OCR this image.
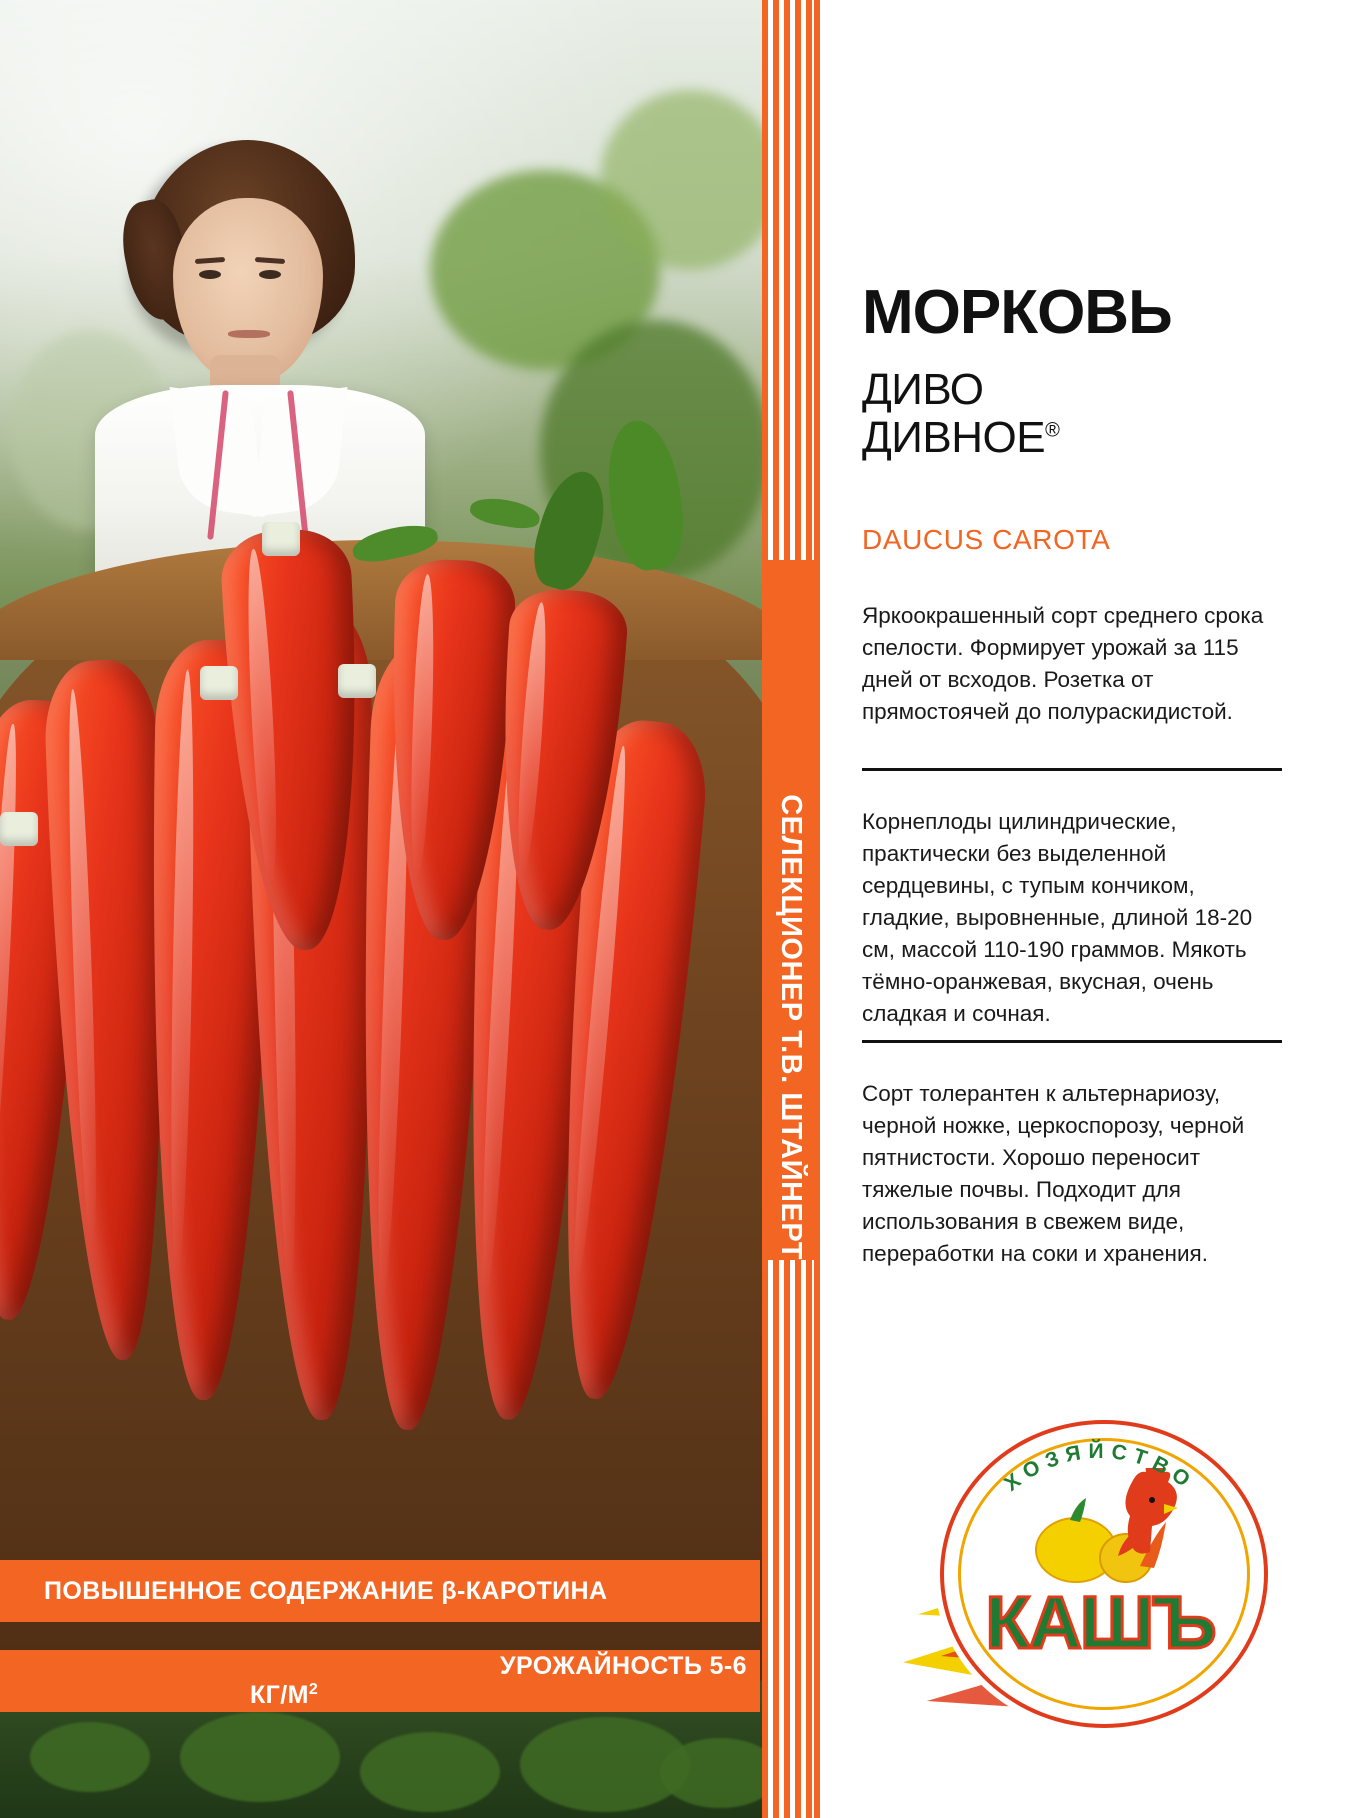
СЕЛЕКЦИОНЕР Т.В. ШТАЙНЕРТ
МОРКОВЬ
ДИВО
ДИВНОЕ®
DAUCUS CAROTA
Яркоокрашенный сорт среднего срока спелости. Формирует урожай за 115 дней от всходов. Розетка от прямостоячей до полураскидистой.
Корнеплоды цилиндрические, практически без выделенной сердцевины, с тупым кончиком, гладкие, выровненные, длиной 18-20 см, массой 110-190 граммов. Мякоть тёмно-оранжевая, вкусная, очень сладкая и сочная.
Сорт толерантен к альтернариозу, черной ножке, церкоспорозу, черной пятнистости. Хорошо переносит тяжелые почвы. Подходит для использования в свежем виде, переработки на соки и хранения.
ПОВЫШЕННОЕ СОДЕРЖАНИЕ β-КАРОТИНА
УРОЖАЙНОСТЬ 5-6 $КГ/М^2$
ХОЗЯЙСТВО
КАШЪ
